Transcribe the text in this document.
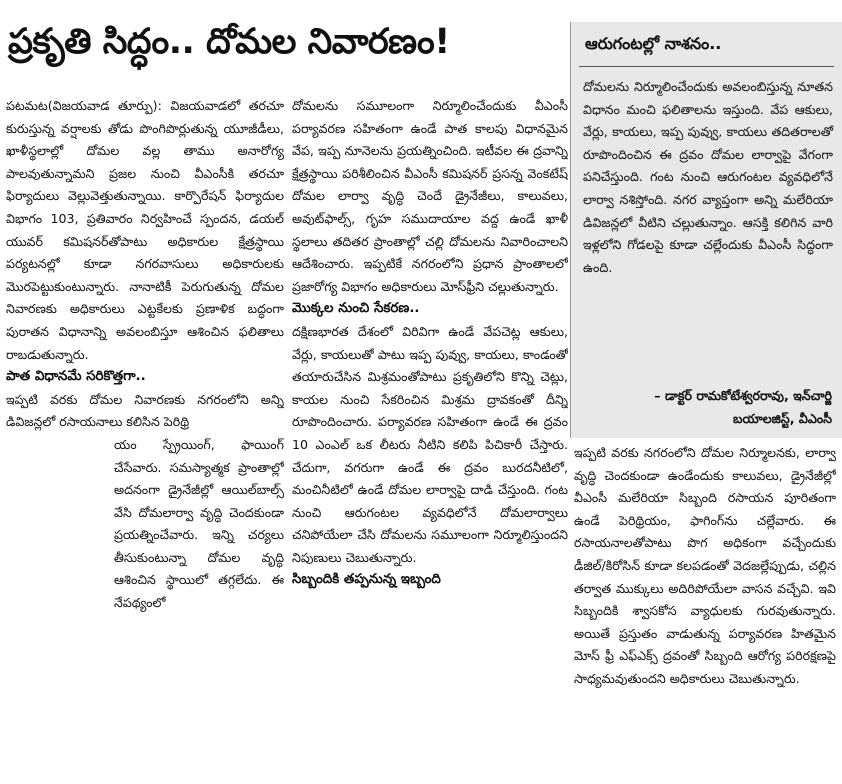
ప్రకృతి సిద్ధం.. దోమల నివారణం!

పటమట(విజయవాడ తూర్పు): విజయవాడలో తరచూ కురుస్తున్న వర్షాలకు తోడు పొంగిపొర్లుతున్న యూజీడీలు, ఖాళీస్థలాల్లో దోమల వల్ల తాము అనారోగ్య పాలవుతున్నామని ప్రజల నుంచి వీఎంసీకి తరచూ ఫిర్యాదులు వెల్లువెత్తుతున్నాయి. కార్పొరేషన్ ఫిర్యాదుల విభాగం 103, ప్రతివారం నిర్వహించే స్పందన, డయల్ యువర్ కమిషనర్‌తోపాటు అధికారుల క్షేత్రస్థాయి పర్యటనల్లో కూడా నగరవాసులు అధికారులకు మొరపెట్టుకుంటున్నారు. నానాటికీ పెరుగుతున్న దోమల నివారణకు అధికారులు ఎట్టకేలకు ప్రణాళిక బద్ధంగా పురాతన విధానాన్ని అవలంబిస్తూ ఆశించిన ఫలితాలు రాబడుతున్నారు.

పాత విధానమే సరికొత్తగా..

ఇప్పటి వరకు దోమల నివారణకు నగరంలోని అన్ని డివిజన్లలో రసాయనాలు కలిసిన పెరిథ్రి

యం స్ప్రేయింగ్, ఫాయింగ్ చేసేవారు. సమస్యాత్మక ప్రాంతాల్లో అదనంగా డ్రైనేజీల్లో ఆయిల్‌బాల్స్ వేసి దోమలార్వా వృద్ధి చెందకుండా ప్రయత్నించేవారు. ఇన్ని చర్యలు తీసుకుంటున్నా దోమల వృద్ధి ఆశించిన స్థాయిలో తగ్గలేదు. ఈ నేపథ్యంలో

దోమలను సమూలంగా నిర్మూలించేందుకు వీఎంసీ పర్యావరణ సహితంగా ఉండే పాత కాలపు విధానమైన వేప, ఇప్ప నూనెలను ప్రయత్నించింది. ఇటీవల ఈ ద్రవాన్ని క్షేత్రస్థాయి పరిశీలించిన వీఎంసీ కమిషనర్ ప్రసన్న వెంకటేష్ దోమల లార్వా వృద్ధి చెందే డ్రైనేజీలు, కాలువలు, అవుట్‌ఫాల్స్, గృహ సముదాయాల వద్ద ఉండే ఖాళీ స్థలాలు తదితర ప్రాంతాల్లో చల్లి దోమలను నివారించాలని ఆదేశించారు. ఇప్పటికే నగరంలోని ప్రధాన ప్రాంతాలలో ప్రజారోగ్య విభాగం అధికారులు మోస్‌ఫ్రీని చల్లుతున్నారు.

మొక్కల నుంచి సేకరణ..

దక్షిణభారత దేశంలో విరివిగా ఉండే వేపచెట్ల ఆకులు, వేర్లు, కాయలుతో పాటు ఇప్ప పువ్వు, కాయలు, కాండంతో తయారుచేసిన మిశ్రమంతోపాటు ప్రకృతిలోని కొన్ని చెట్లు, కాయల నుంచి సేకరించిన మిశ్రమ ద్రావకంతో దీన్ని రూపొందించారు. పర్యావరణ సహితంగా ఉండే ఈ ద్రవం 10 ఎంఎల్ ఒక లీటరు నీటిని కలిపి పిచికారీ చేస్తారు. చేదుగా, వగరుగా ఉండే ఈ ద్రవం బురదనీటిలో, మంచినీటిలో ఉండే దోమల లార్వాపై దాడి చేస్తుంది. గంట నుంచి ఆరుగంటల వ్యవధిలోనే దోమలార్వాలు చనిపోయేలా చేసి దోమలను సమూలంగా నిర్మూలిస్తుందని నిపుణులు చెబుతున్నారు.

సిబ్బందికి తప్పనున్న ఇబ్బంది

ఆరుగంటల్లో నాశనం..
దోమలను నిర్మూలించేందుకు అవలంబిస్తున్న నూతన విధానం మంచి ఫలితాలను ఇస్తుంది. వేప ఆకులు, వేర్లు, కాయలు, ఇప్ప పువ్వు, కాయలు తదితరాలతో రూపొందించిన ఈ ద్రవం దోమల లార్వాపై వేగంగా పనిచేస్తుంది. గంట నుంచి ఆరుగంటల వ్యవధిలోనే లార్వా నశిస్తోంది. నగర వ్యాప్తంగా అన్ని మలేరియా డివిజన్లలో వీటిని చల్లుతున్నాం. ఆసక్తి కలిగిన వారి ఇళ్లలోని గోడలపై కూడా చల్లేందుకు వీఎంసీ సిద్ధంగా ఉంది.
– డాక్టర్ రామకోటేశ్వరరావు, ఇన్‌చార్జి
బయాలజిస్ట్, వీఎంసీ

ఇప్పటి వరకు నగరంలోని దోమల నిర్మూలనకు, లార్వా వృద్ధి చెందకుండా ఉండేందుకు కాలువలు, డ్రైనేజీల్లో వీఎంసీ మలేరియా సిబ్బంది రసాయన పూరితంగా ఉండే పెరిథ్రియం, ఫాగింగ్‌ను చల్లేవారు. ఈ రసాయనాలతోపాటు పొగ అధికంగా వచ్చేందుకు డీజిల్/కిరోసిన్ కూడా కలపడంతో వెదజల్లేప్పుడు, చల్లిన తర్వాత ముక్కులు అదిరిపోయేలా వాసన వచ్చేవి. ఇవి సిబ్బందికి శ్వాసకోస వ్యాధులకు గురవుతున్నారు. అయితే ప్రస్తుతం వాడుతున్న పర్యావరణ హితమైన మోస్ ఫ్రీ ఎఫ్ఎక్స్ ద్రవంతో సిబ్బంది ఆరోగ్య పరిరక్షణపై సాధ్యమవుతుందని అధికారులు చెబుతున్నారు.
